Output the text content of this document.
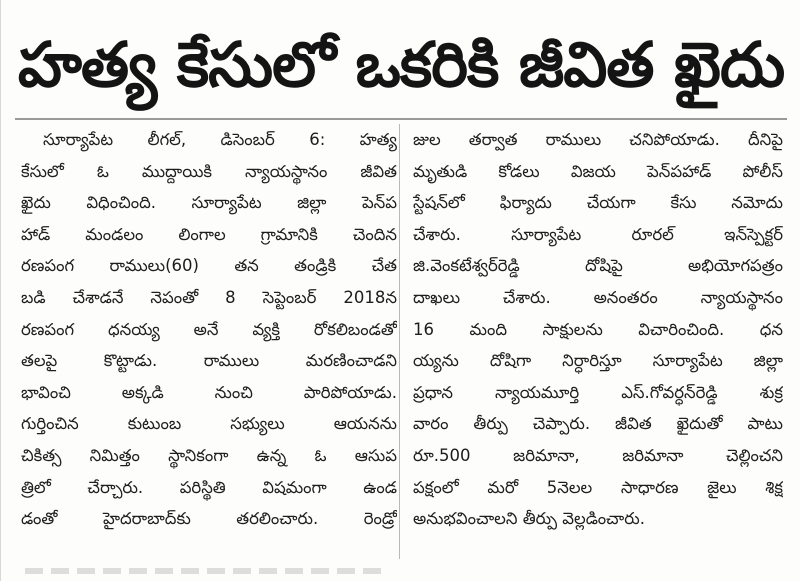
హత్య కేసులో ఒకరికి జీవిత ఖైదు
సూర్యాపేట లీగల్, డిసెంబర్ 6: హత్య
కేసులో ఓ ముద్దాయికి న్యాయస్థానం జీవిత
ఖైదు విధించింది. సూర్యాపేట జిల్లా పెన్‌ప
హాడ్ మండలం లింగాల గ్రామానికి చెందిన
రణపంగ రాములు(60) తన తండ్రికి చేత
బడి చేశాడనే నెపంతో 8 సెప్టెంబర్ 2018న
రణపంగ ధనయ్య అనే వ్యక్తి రోకలిబండతో
తలపై కొట్టాడు. రాములు మరణించాడని
భావించి అక్కడి నుంచి పారిపోయాడు.
గుర్తించిన కుటుంబ సభ్యులు ఆయనను
చికిత్స నిమిత్తం స్థానికంగా ఉన్న ఓ ఆసుప
త్రిలో చేర్చారు. పరిస్థితి విషమంగా ఉండ
డంతో హైదరాబాద్‌కు తరలించారు. రెండ్రో
జుల తర్వాత రాములు చనిపోయాడు. దీనిపై
మృతుడి కోడలు విజయ పెన్‌పహాడ్ పోలీస్
స్టేషన్‌లో ఫిర్యాదు చేయగా కేసు నమోదు
చేశారు. సూర్యాపేట రూరల్ ఇన్‌స్పెక్టర్
జి.వెంకటేశ్వర్‌రెడ్డి దోషిపై అభియోగపత్రం
దాఖలు చేశారు. అనంతరం న్యాయస్థానం
16 మంది సాక్షులను విచారించింది. ధన
య్యను దోషిగా నిర్ధారిస్తూ సూర్యాపేట జిల్లా
ప్రధాన న్యాయమూర్తి ఎస్.గోవర్ధన్‌రెడ్డి శుక్ర
వారం తీర్పు చెప్పారు. జీవిత ఖైదుతో పాటు
రూ.500 జరిమానా, జరిమానా చెల్లించని
పక్షంలో మరో 5నెలల సాధారణ జైలు శిక్ష
అనుభవించాలని తీర్పు వెల్లడించారు.
